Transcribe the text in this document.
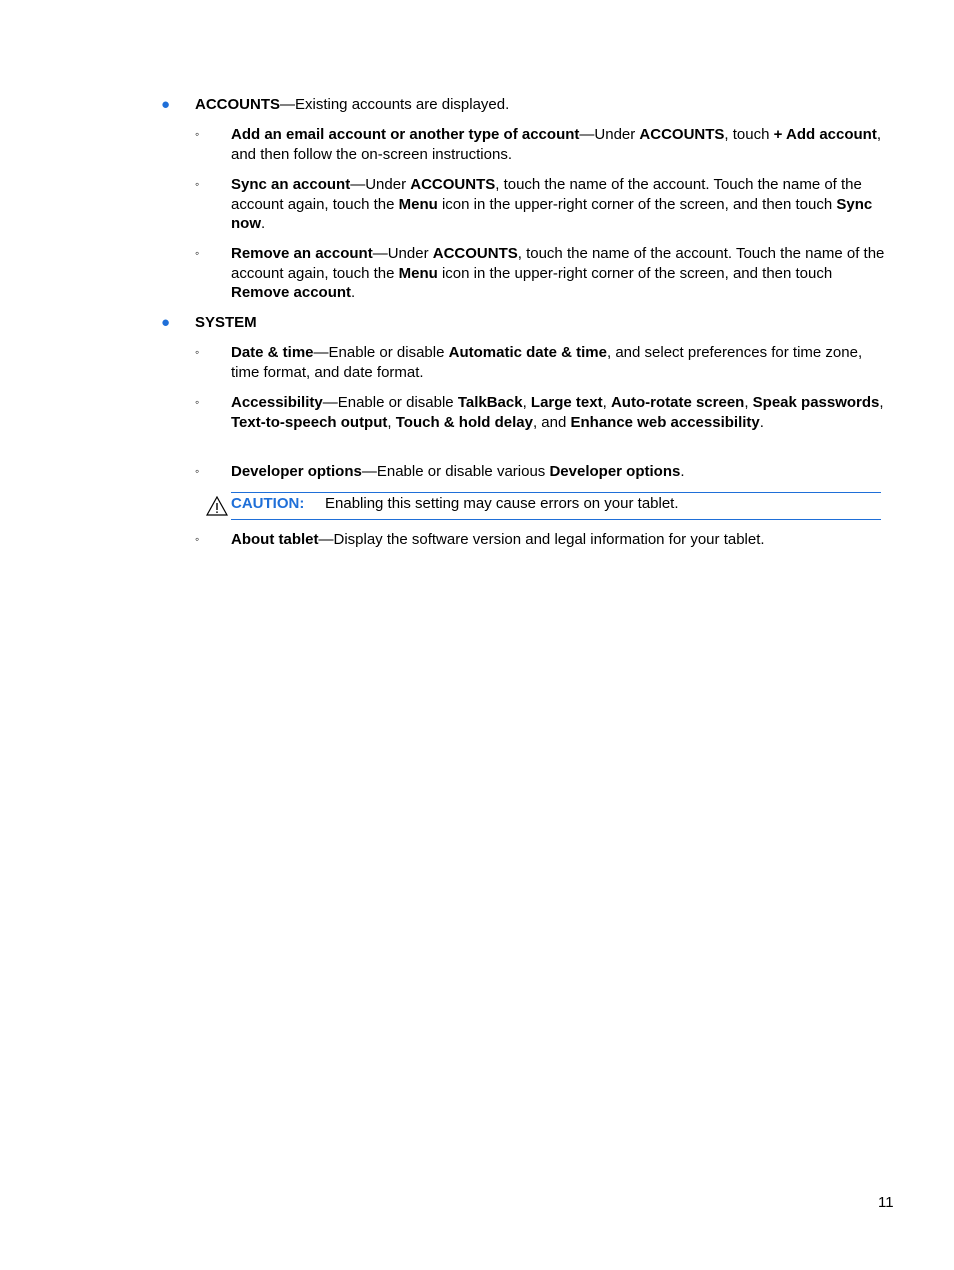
● ACCOUNTS—Existing accounts are displayed.
◦ Add an email account or another type of account—Under ACCOUNTS, touch + Add account, and then follow the on-screen instructions.
◦ Sync an account—Under ACCOUNTS, touch the name of the account. Touch the name of the account again, touch the Menu icon in the upper-right corner of the screen, and then touch Sync now.
◦ Remove an account—Under ACCOUNTS, touch the name of the account. Touch the name of the account again, touch the Menu icon in the upper-right corner of the screen, and then touch Remove account.
● SYSTEM
◦ Date & time—Enable or disable Automatic date & time, and select preferences for time zone, time format, and date format.
◦ Accessibility—Enable or disable TalkBack, Large text, Auto-rotate screen, Speak passwords, Text-to-speech output, Touch & hold delay, and Enhance web accessibility.
◦ Developer options—Enable or disable various Developer options.
CAUTION: Enabling this setting may cause errors on your tablet.
◦ About tablet—Display the software version and legal information for your tablet.
11
